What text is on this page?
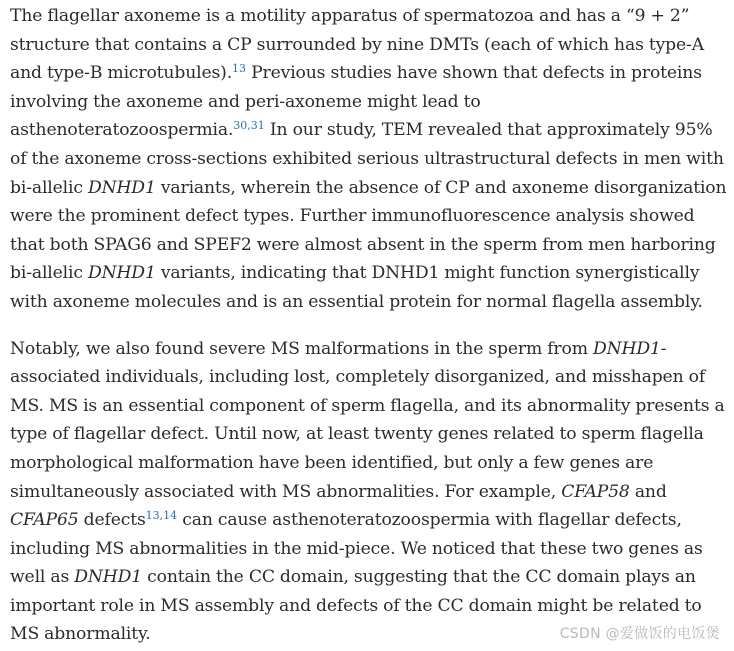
The flagellar axoneme is a motility apparatus of spermatozoa and has a “9 + 2” structure that contains a CP surrounded by nine DMTs (each of which has type-A and type-B microtubules).$^{13}$ Previous studies have shown that defects in proteins involving the axoneme and peri-axoneme might lead to asthenoteratozoospermia.$^{30,31}$ In our study, TEM revealed that approximately 95% of the axoneme cross-sections exhibited serious ultrastructural defects in men with bi-allelic DNHD1 variants, wherein the absence of CP and axoneme disorganization were the prominent defect types. Further immunofluorescence analysis showed that both SPAG6 and SPEF2 were almost absent in the sperm from men harboring bi-allelic DNHD1 variants, indicating that DNHD1 might function synergistically with axoneme molecules and is an essential protein for normal flagella assembly.

Notably, we also found severe MS malformations in the sperm from DNHD1-associated individuals, including lost, completely disorganized, and misshapen of MS. MS is an essential component of sperm flagella, and its abnormality presents a type of flagellar defect. Until now, at least twenty genes related to sperm flagella morphological malformation have been identified, but only a few genes are simultaneously associated with MS abnormalities. For example, CFAP58 and CFAP65 defects$^{13,14}$ can cause asthenoteratozoospermia with flagellar defects, including MS abnormalities in the mid-piece. We noticed that these two genes as well as DNHD1 contain the CC domain, suggesting that the CC domain plays an important role in MS assembly and defects of the CC domain might be related to MS abnormality.	CSDN @爱做饭的电饭煲
